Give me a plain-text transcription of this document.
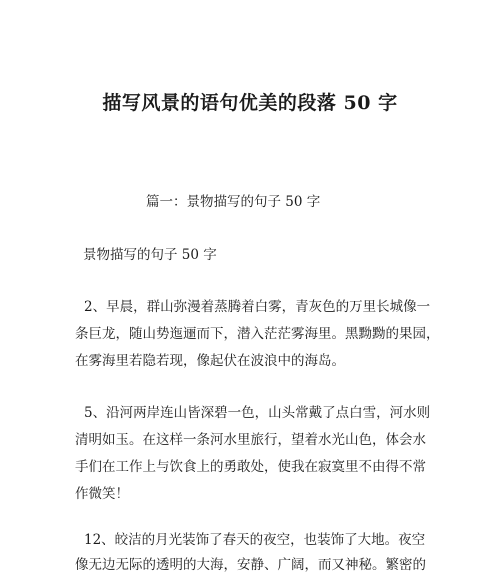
描写风景的语句优美的段落 50 字
篇一：景物描写的句子 50 字
景物描写的句子 50 字
2、早晨，群山弥漫着蒸腾着白雾，青灰色的万里长城像一
条巨龙，随山势迤逦而下，潜入茫茫雾海里。黑黝黝的果园，
在雾海里若隐若现，像起伏在波浪中的海岛。
5、沿河两岸连山皆深碧一色，山头常戴了点白雪，河水则
清明如玉。在这样一条河水里旅行，望着水光山色，体会水
手们在工作上与饮食上的勇敢处，使我在寂寞里不由得不常
作微笑！
12、皎洁的月光装饰了春天的夜空，也装饰了大地。夜空
像无边无际的透明的大海，安静、广阔，而又神秘。繁密的
